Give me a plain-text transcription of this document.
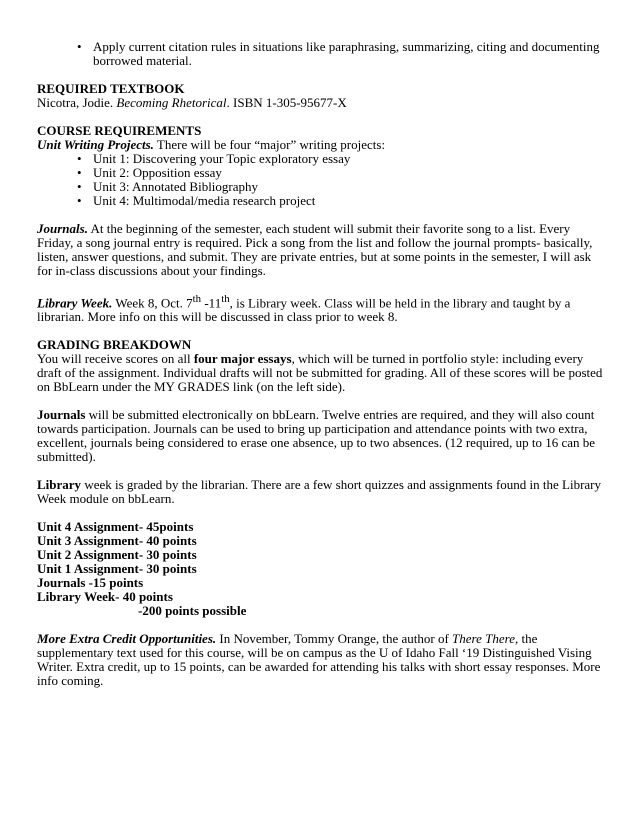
• Apply current citation rules in situations like paraphrasing, summarizing, citing and documenting borrowed material.

REQUIRED TEXTBOOK

Nicotra, Jodie. Becoming Rhetorical. ISBN 1-305-95677-X

COURSE REQUIREMENTS

Unit Writing Projects. There will be four “major” writing projects:

• Unit 1: Discovering your Topic exploratory essay
• Unit 2: Opposition essay
• Unit 3: Annotated Bibliography
• Unit 4: Multimodal/media research project

Journals. At the beginning of the semester, each student will submit their favorite song to a list. Every Friday, a song journal entry is required. Pick a song from the list and follow the journal prompts- basically, listen, answer questions, and submit. They are private entries, but at some points in the semester, I will ask for in-class discussions about your findings.

Library Week. Week 8, Oct. 7th -11th, is Library week. Class will be held in the library and taught by a librarian. More info on this will be discussed in class prior to week 8.

GRADING BREAKDOWN

You will receive scores on all four major essays, which will be turned in portfolio style: including every draft of the assignment. Individual drafts will not be submitted for grading. All of these scores will be posted on BbLearn under the MY GRADES link (on the left side).

Journals will be submitted electronically on bbLearn. Twelve entries are required, and they will also count towards participation. Journals can be used to bring up participation and attendance points with two extra, excellent, journals being considered to erase one absence, up to two absences. (12 required, up to 16 can be submitted).

Library week is graded by the librarian. There are a few short quizzes and assignments found in the Library Week module on bbLearn.

Unit 4 Assignment- 45points

Unit 3 Assignment- 40 points

Unit 2 Assignment- 30 points

Unit 1 Assignment- 30 points

Journals -15 points

Library Week- 40 points

-200 points possible

More Extra Credit Opportunities. In November, Tommy Orange, the author of There There, the supplementary text used for this course, will be on campus as the U of Idaho Fall ‘19 Distinguished Vising Writer. Extra credit, up to 15 points, can be awarded for attending his talks with short essay responses. More info coming.
